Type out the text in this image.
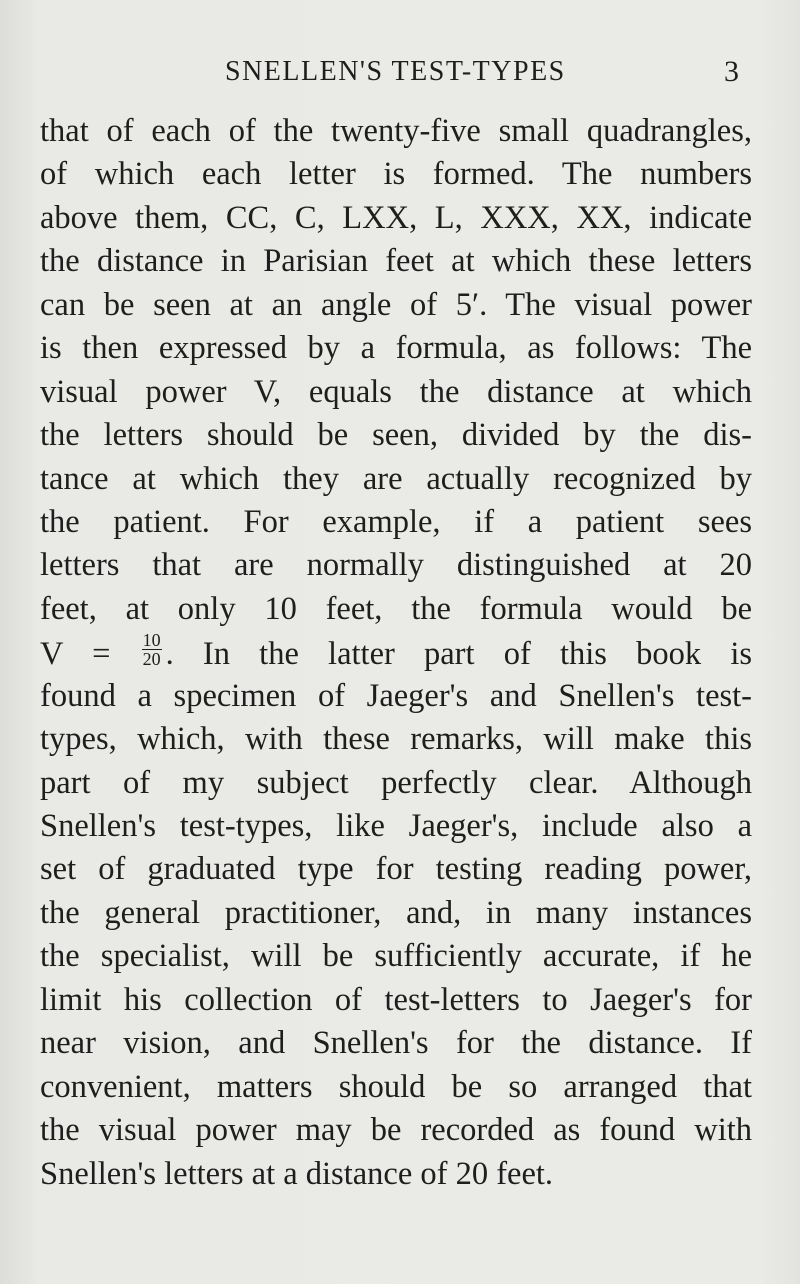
SNELLEN'S TEST-TYPES	3
that of each of the twenty-five small quadrangles,
of which each letter is formed. The numbers
above them, CC, C, LXX, L, XXX, XX, indicate
the distance in Parisian feet at which these letters
can be seen at an angle of 5′. The visual power
is then expressed by a formula, as follows: The
visual power V, equals the distance at which
the letters should be seen, divided by the dis-
tance at which they are actually recognized by
the patient. For example, if a patient sees
letters that are normally distinguished at 20
feet, at only 10 feet, the formula would be
$V = \frac{10}{20}$ . In the latter part of this book is
found a specimen of Jaeger's and Snellen's test-
types, which, with these remarks, will make this
part of my subject perfectly clear. Although
Snellen's test-types, like Jaeger's, include also a
set of graduated type for testing reading power,
the general practitioner, and, in many instances
the specialist, will be sufficiently accurate, if he
limit his collection of test-letters to Jaeger's for
near vision, and Snellen's for the distance. If
convenient, matters should be so arranged that
the visual power may be recorded as found with
Snellen's letters at a distance of 20 feet.
